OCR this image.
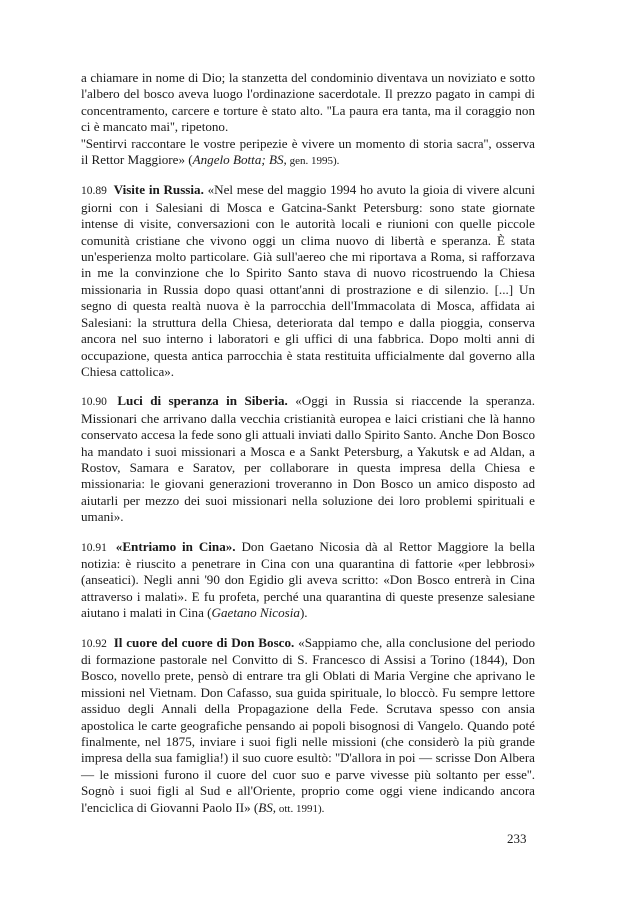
a chiamare in nome di Dio; la stanzetta del condominio diventava un noviziato e sotto l'albero del bosco aveva luogo l'ordinazione sacerdotale. Il prezzo pagato in campi di concentramento, carcere e torture è stato alto. ''La paura era tanta, ma il coraggio non ci è mancato mai'', ripetono.

''Sentirvi raccontare le vostre peripezie è vivere un momento di storia sacra'', osserva il Rettor Maggiore» (Angelo Botta; BS, gen. 1995).

10.89 Visite in Russia. «Nel mese del maggio 1994 ho avuto la gioia di vivere alcuni giorni con i Salesiani di Mosca e Gatcina-Sankt Petersburg: sono state giornate intense di visite, conversazioni con le autorità locali e riunioni con quelle piccole comunità cristiane che vivono oggi un clima nuovo di libertà e speranza. È stata un'esperienza molto particolare. Già sull'aereo che mi riportava a Roma, si rafforzava in me la convinzione che lo Spirito Santo stava di nuovo ricostruendo la Chiesa missionaria in Russia dopo quasi ottant'anni di prostrazione e di silenzio. [...] Un segno di questa realtà nuova è la parrocchia dell'Immacolata di Mosca, affidata ai Salesiani: la struttura della Chiesa, deteriorata dal tempo e dalla pioggia, conserva ancora nel suo interno i laboratori e gli uffici di una fabbrica. Dopo molti anni di occupazione, questa antica parrocchia è stata restituita ufficialmente dal governo alla Chiesa cattolica».

10.90 Luci di speranza in Siberia. «Oggi in Russia si riaccende la speranza. Missionari che arrivano dalla vecchia cristianità europea e laici cristiani che là hanno conservato accesa la fede sono gli attuali inviati dallo Spirito Santo. Anche Don Bosco ha mandato i suoi missionari a Mosca e a Sankt Petersburg, a Yakutsk e ad Aldan, a Rostov, Samara e Saratov, per collaborare in questa impresa della Chiesa e missionaria: le giovani generazioni troveranno in Don Bosco un amico disposto ad aiutarli per mezzo dei suoi missionari nella soluzione dei loro problemi spirituali e umani».

10.91 «Entriamo in Cina». Don Gaetano Nicosia dà al Rettor Maggiore la bella notizia: è riuscito a penetrare in Cina con una quarantina di fattorie «per lebbrosi» (anseatici). Negli anni '90 don Egidio gli aveva scritto: «Don Bosco entrerà in Cina attraverso i malati». E fu profeta, perché una quarantina di queste presenze salesiane aiutano i malati in Cina (Gaetano Nicosia).

10.92 Il cuore del cuore di Don Bosco. «Sappiamo che, alla conclusione del periodo di formazione pastorale nel Convitto di S. Francesco di Assisi a Torino (1844), Don Bosco, novello prete, pensò di entrare tra gli Oblati di Maria Vergine che aprivano le missioni nel Vietnam. Don Cafasso, sua guida spirituale, lo bloccò. Fu sempre lettore assiduo degli Annali della Propagazione della Fede. Scrutava spesso con ansia apostolica le carte geografiche pensando ai popoli bisognosi di Vangelo. Quando poté finalmente, nel 1875, inviare i suoi figli nelle missioni (che considerò la più grande impresa della sua famiglia!) il suo cuore esultò: ''D'allora in poi — scrisse Don Albera — le missioni furono il cuore del cuor suo e parve vivesse più soltanto per esse''. Sognò i suoi figli al Sud e all'Oriente, proprio come oggi viene indicando ancora l'enciclica di Giovanni Paolo II» (BS, ott. 1991).

233
